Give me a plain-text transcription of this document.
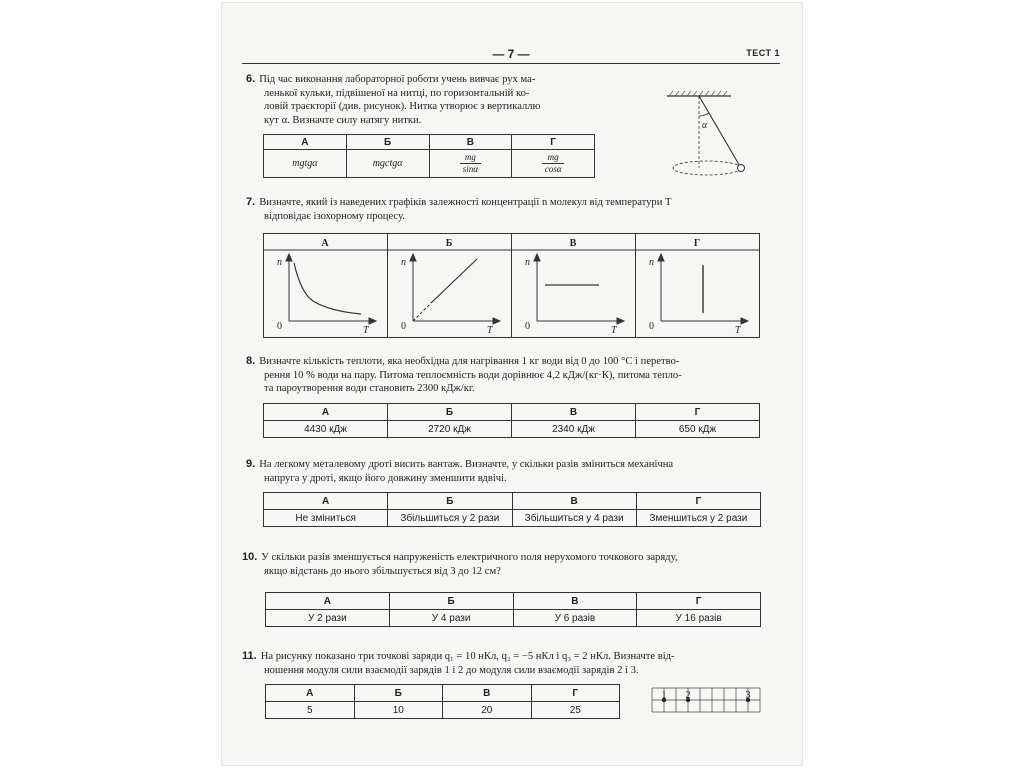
— 7 —	ТЕСТ 1
6. Під час виконання лабораторної роботи учень вивчає рух ма-
ленької кульки, підвішеної на нитці, по горизонтальній ко-
ловій траєкторії (див. рисунок). Нитка утворює з вертикаллю
кут α. Визначте силу натягу нитки.	α
А	Б	В	Г
mgtgα	mgctgα	$\frac{mg}{\sin\alpha}$	$\frac{mg}{\cos\alpha}$
7. Визначте, який із наведених графіків залежності концентрації n молекул від температури T
відповідає ізохорному процесу.
А	Б	В	Г
n	n	n	n
T	T	T	T
0	0	0	0
8. Визначте кількість теплоти, яка необхідна для нагрівання 1 кг води від 0 до 100 °C і перетво-
рення 10 % води на пару. Питома теплоємність води дорівнює 4,2 кДж/(кг·К), питома тепло-
та пароутворення води становить 2300 кДж/кг.
А	Б	В	Г
4430 кДж	2720 кДж	2340 кДж	650 кДж
9. На легкому металевому дроті висить вантаж. Визначте, у скільки разів зміниться механічна
напруга у дроті, якщо його довжину зменшити вдвічі.
А	Б	В	Г
Не зміниться	Збільшиться у 2 рази	Збільшиться у 4 рази	Зменшиться у 2 рази
10. У скільки разів зменшується напруженість електричного поля нерухомого точкового заряду,
якщо відстань до нього збільшується від 3 до 12 см?
А	Б	В	Г
У 2 рази	У 4 рази	У 6 разів	У 16 разів
11. На рисунку показано три точкові заряди q₁ = 10 нКл, q₂ = −5 нКл і q₃ = 2 нКл. Визначте від-
ношення модуля сили взаємодії зарядів 1 і 2 до модуля сили взаємодії зарядів 2 і 3.
А	Б	В	Г
5	10	20	25
1 2	3
